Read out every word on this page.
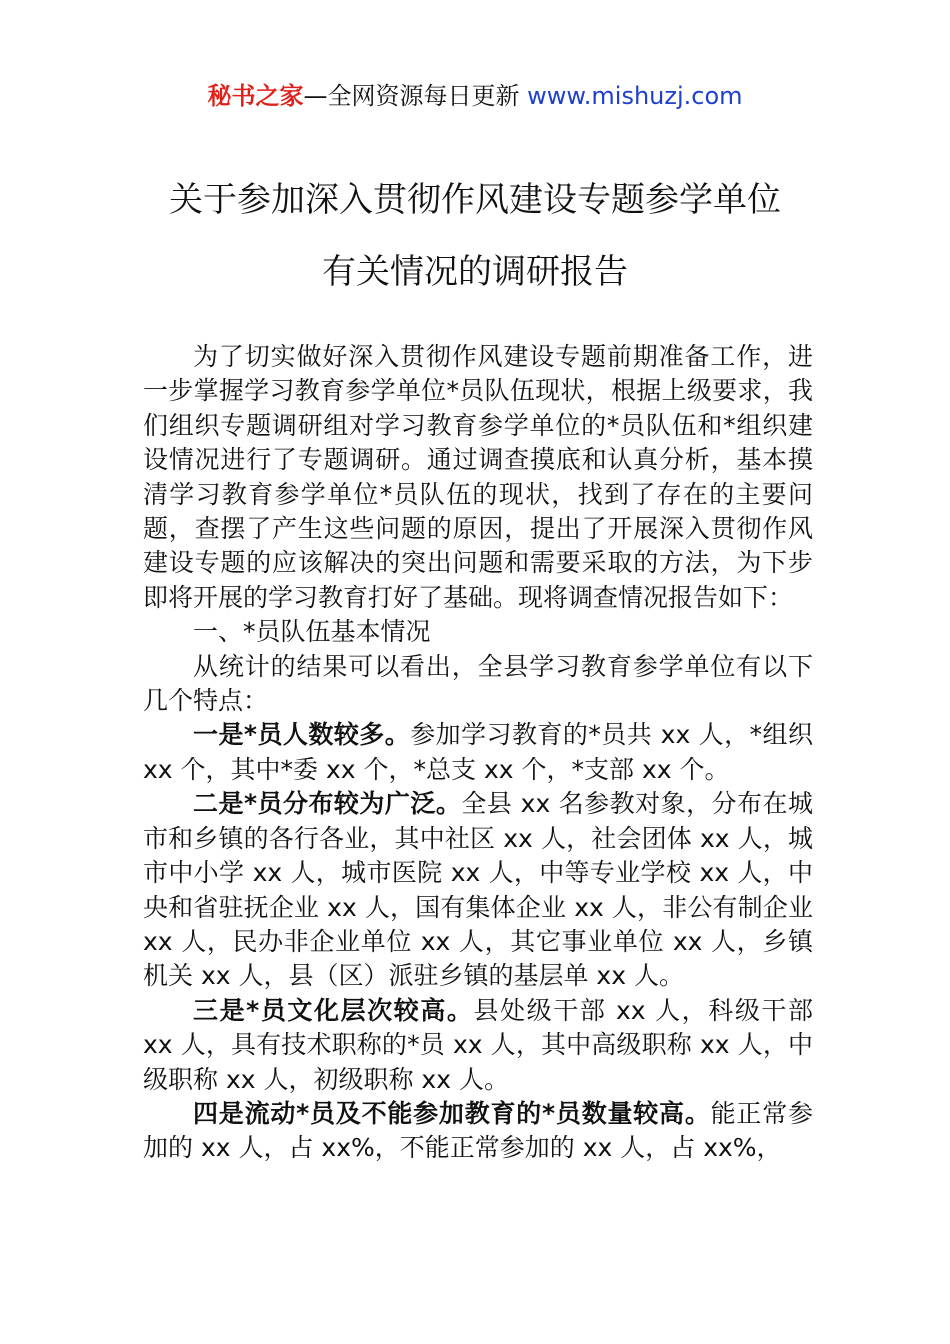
秘书之家—全网资源每日更新 www.mishuzj.com
关于参加深入贯彻作风建设专题参学单位
有关情况的调研报告

为了切实做好深入贯彻作风建设专题前期准备工作，进一步掌握学习教育参学单位*员队伍现状，根据上级要求，我们组织专题调研组对学习教育参学单位的*员队伍和*组织建设情况进行了专题调研。通过调查摸底和认真分析，基本摸清学习教育参学单位*员队伍的现状，找到了存在的主要问题，查摆了产生这些问题的原因，提出了开展深入贯彻作风建设专题的应该解决的突出问题和需要采取的方法，为下步即将开展的学习教育打好了基础。现将调查情况报告如下：

一、*员队伍基本情况

从统计的结果可以看出，全县学习教育参学单位有以下几个特点：

一是*员人数较多。参加学习教育的*员共 xx 人，*组织 xx 个，其中*委 xx 个，*总支 xx 个，*支部 xx 个。

二是*员分布较为广泛。全县 xx 名参教对象，分布在城市和乡镇的各行各业，其中社区 xx 人，社会团体 xx 人，城市中小学 xx 人，城市医院 xx 人，中等专业学校 xx 人，中央和省驻抚企业 xx 人，国有集体企业 xx 人，非公有制企业 xx 人，民办非企业单位 xx 人，其它事业单位 xx 人，乡镇机关 xx 人，县（区）派驻乡镇的基层单 xx 人。

三是*员文化层次较高。县处级干部 xx 人，科级干部 xx 人，具有技术职称的*员 xx 人，其中高级职称 xx 人，中级职称 xx 人，初级职称 xx 人。

四是流动*员及不能参加教育的*员数量较高。能正常参加的 xx 人，占 xx%，不能正常参加的 xx 人，占 xx%，
